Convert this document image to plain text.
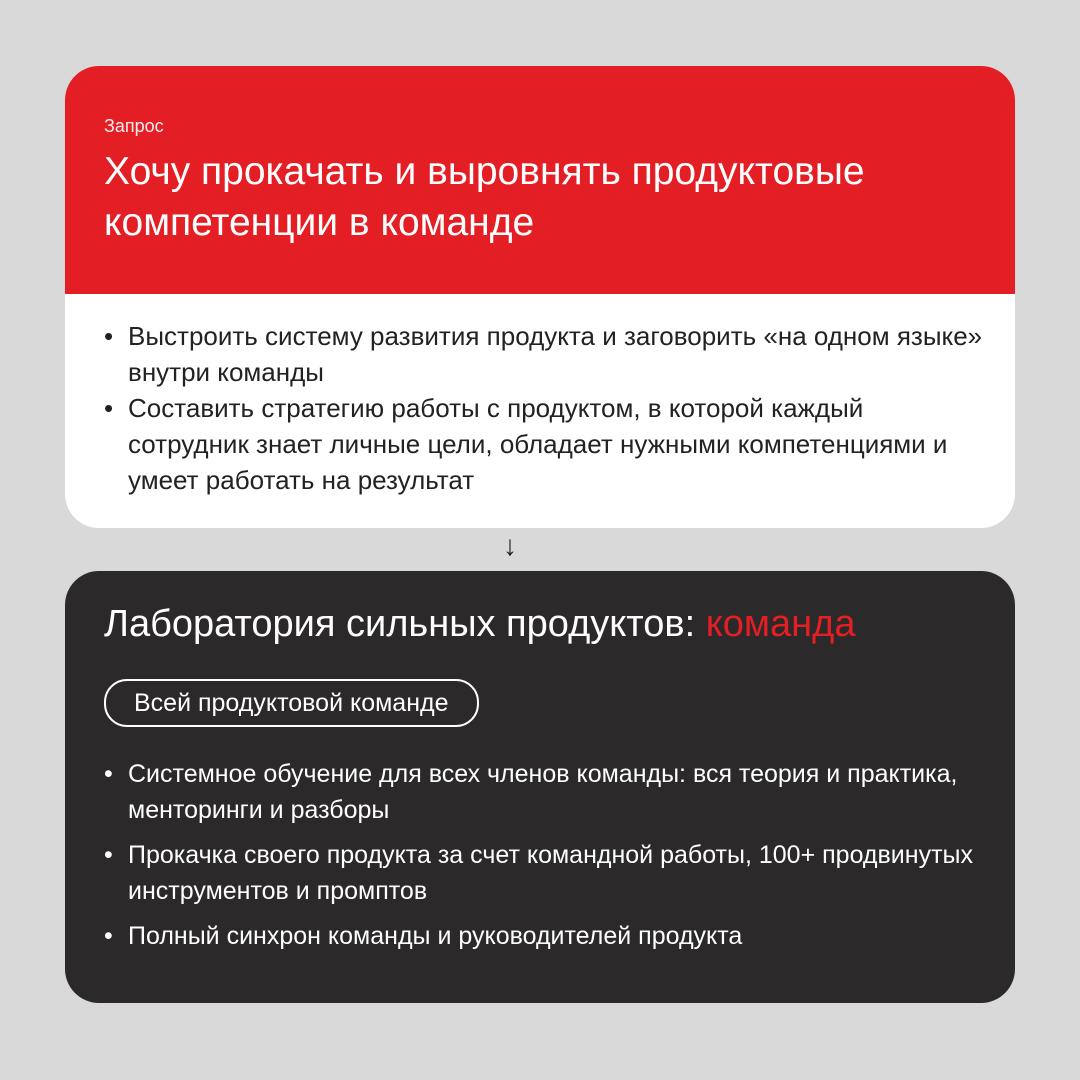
Запрос
Хочу прокачать и выровнять продуктовые компетенции в команде
• Выстроить систему развития продукта и заговорить «на одном языке» внутри команды
• Составить стратегию работы с продуктом, в которой каждый сотрудник знает личные цели, обладает нужными компетенциями и умеет работать на результат
↓
Лаборатория сильных продуктов: команда
Всей продуктовой команде
• Системное обучение для всех членов команды: вся теория и практика, менторинги и разборы
• Прокачка своего продукта за счет командной работы, 100+ продвинутых инструментов и промптов
• Полный синхрон команды и руководителей продукта
